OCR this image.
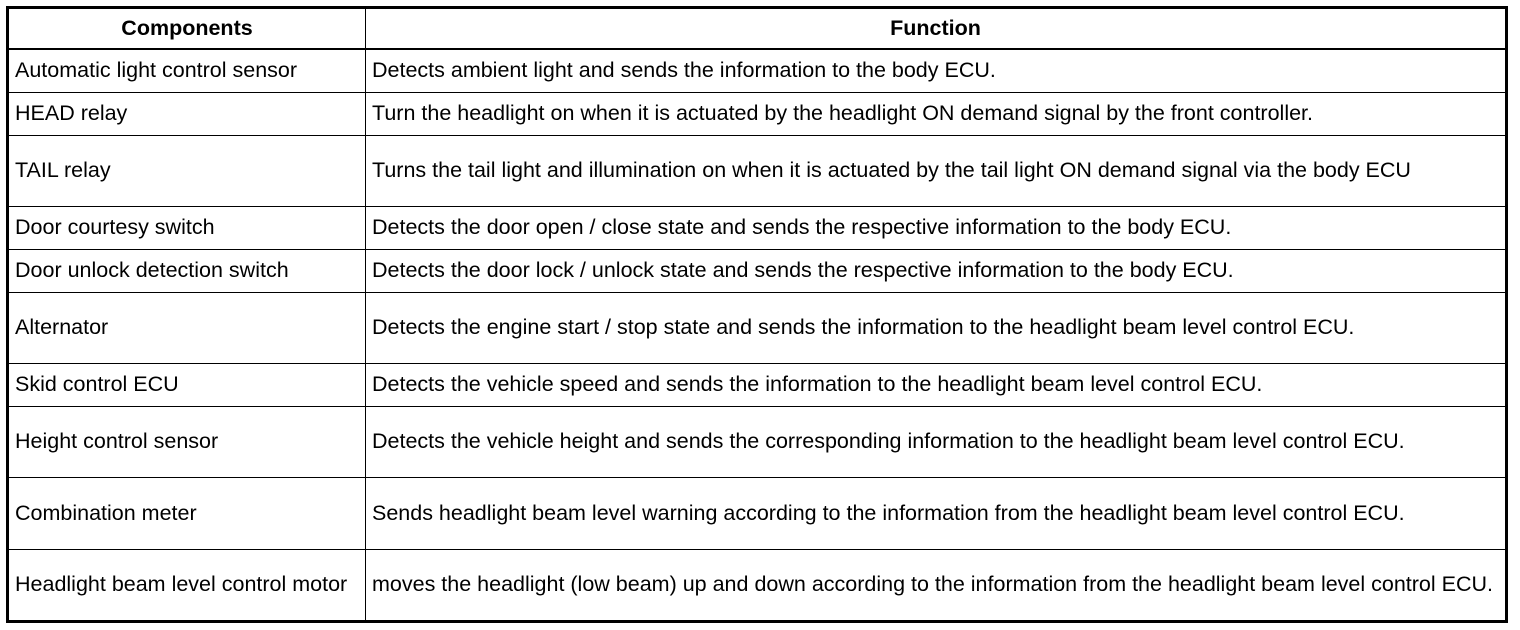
Components	Function
Automatic light control sensor	Detects ambient light and sends the information to the body ECU.
HEAD relay	Turn the headlight on when it is actuated by the headlight ON demand signal by the front controller.
TAIL relay	Turns the tail light and illumination on when it is actuated by the tail light ON demand signal via the body ECU
Door courtesy switch	Detects the door open / close state and sends the respective information to the body ECU.
Door unlock detection switch	Detects the door lock / unlock state and sends the respective information to the body ECU.
Alternator	Detects the engine start / stop state and sends the information to the headlight beam level control ECU.
Skid control ECU	Detects the vehicle speed and sends the information to the headlight beam level control ECU.
Height control sensor	Detects the vehicle height and sends the corresponding information to the headlight beam level control ECU.
Combination meter	Sends headlight beam level warning according to the information from the headlight beam level control ECU.
Headlight beam level control motor	moves the headlight (low beam) up and down according to the information from the headlight beam level control ECU.
